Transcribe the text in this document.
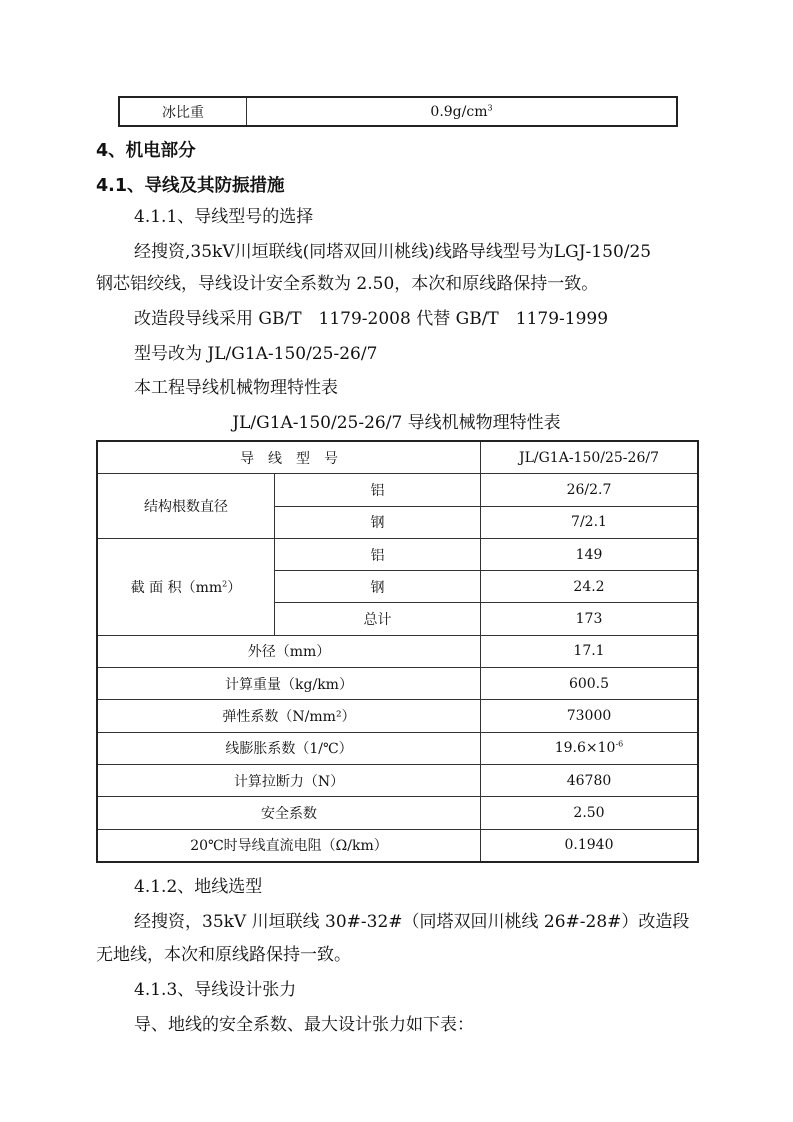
冰比重	$0.9g/cm^3$
4、机电部分
4.1、导线及其防振措施
4.1.1、导线型号的选择
经搜资,35kV川垣联线(同塔双回川桃线)线路导线型号为LGJ-150/25
钢芯铝绞线，导线设计安全系数为 2.50，本次和原线路保持一致。
改造段导线采用 GB/T　1179-2008 代替 GB/T　1179-1999
型号改为 JL/G1A-150/25-26/7
本工程导线机械物理特性表
JL/G1A-150/25-26/7 导线机械物理特性表
导　线　型　号		JL/G1A-150/25-26/7
结构根数直径	铝	26/2.7
	钢	7/2.1
截 面 积$(mm^2)$	铝	149
	钢	24.2
	总计	173
外径（mm）		17.1
计算重量（kg/km）		600.5
弹性系数（N/mm²）		73000
线膨胀系数（1/℃）		$19.6\times 10^{-6}$
计算拉断力（N）		46780
安全系数		2.50
20℃时导线直流电阻（Ω/km）		0.1940
4.1.2、地线选型
经搜资，35kV 川垣联线 30#-32#（同塔双回川桃线 26#-28#）改造段
无地线，本次和原线路保持一致。
4.1.3、导线设计张力
导、地线的安全系数、最大设计张力如下表：
